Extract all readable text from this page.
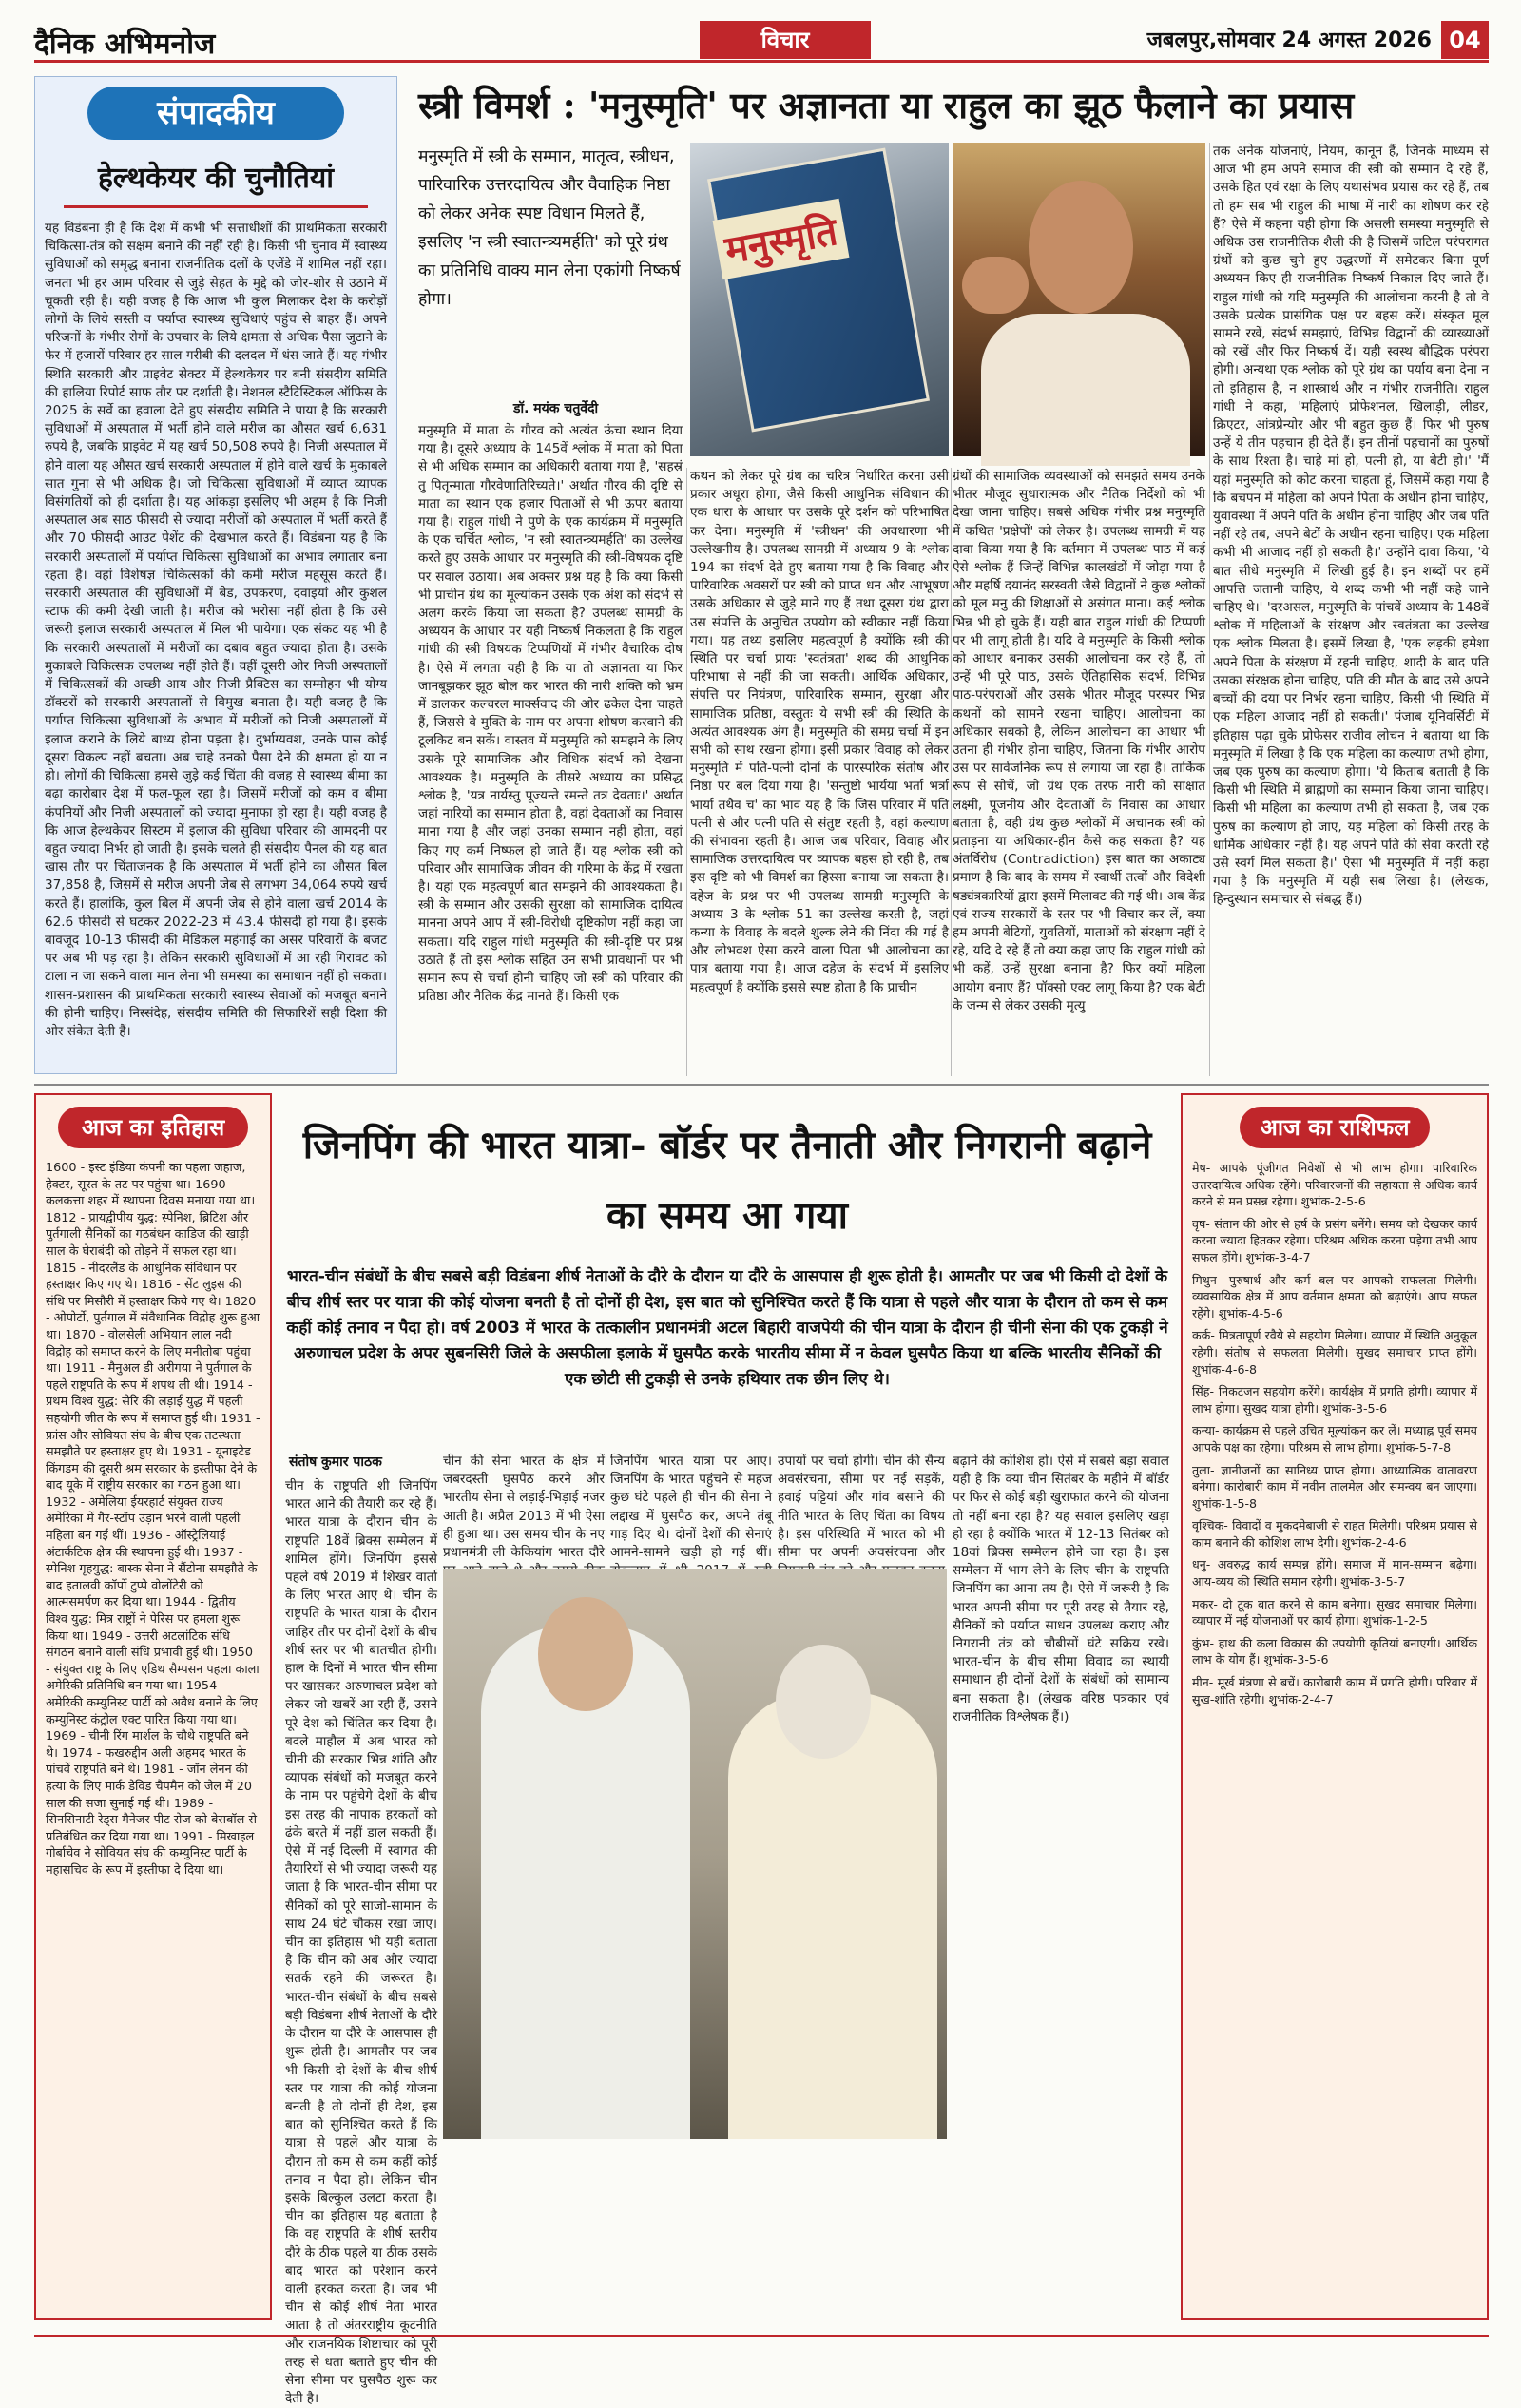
दैनिक अभिमनोज	विचार	जबलपुर,सोमवार 24 अगस्त 2026 04
संपादकीय
हेल्थकेयर की चुनौतियां
यह विडंबना ही है कि देश में कभी भी सत्ताधीशों की प्राथमिकता सरकारी चिकित्सा-तंत्र को सक्षम बनाने की नहीं रही है। किसी भी चुनाव में स्वास्थ्य सुविधाओं को समृद्ध बनाना राजनीतिक दलों के एजेंडे में शामिल नहीं रहा। जनता भी हर आम परिवार से जुड़े सेहत के मुद्दे को जोर-शोर से उठाने में चूकती रही है। यही वजह है कि आज भी कुल मिलाकर देश के करोड़ों लोगों के लिये सस्ती व पर्याप्त स्वास्थ्य सुविधाएं पहुंच से बाहर हैं। अपने परिजनों के गंभीर रोगों के उपचार के लिये क्षमता से अधिक पैसा जुटाने के फेर में हजारों परिवार हर साल गरीबी की दलदल में धंस जाते हैं। यह गंभीर स्थिति सरकारी और प्राइवेट सेक्टर में हेल्थकेयर पर बनी संसदीय समिति की हालिया रिपोर्ट साफ तौर पर दर्शाती है। नेशनल स्टैटिस्टिकल ऑफिस के 2025 के सर्वे का हवाला देते हुए संसदीय समिति ने पाया है कि सरकारी सुविधाओं में अस्पताल में भर्ती होने वाले मरीज का औसत खर्च 6,631 रुपये है, जबकि प्राइवेट में यह खर्च 50,508 रुपये है। निजी अस्पताल में होने वाला यह औसत खर्च सरकारी अस्पताल में होने वाले खर्च के मुकाबले सात गुना से भी अधिक है। जो चिकित्सा सुविधाओं में व्याप्त व्यापक विसंगतियों को ही दर्शाता है। यह आंकड़ा इसलिए भी अहम है कि निजी अस्पताल अब साठ फीसदी से ज्यादा मरीजों को अस्पताल में भर्ती करते हैं और 70 फीसदी आउट पेशेंट की देखभाल करते हैं। विडंबना यह है कि सरकारी अस्पतालों में पर्याप्त चिकित्सा सुविधाओं का अभाव लगातार बना रहता है। वहां विशेषज्ञ चिकित्सकों की कमी मरीज महसूस करते हैं। सरकारी अस्पताल की सुविधाओं में बेड, उपकरण, दवाइयां और कुशल स्टाफ की कमी देखी जाती है। मरीज को भरोसा नहीं होता है कि उसे जरूरी इलाज सरकारी अस्पताल में मिल भी पायेगा। एक संकट यह भी है कि सरकारी अस्पतालों में मरीजों का दबाव बहुत ज्यादा होता है। उसके मुकाबले चिकित्सक उपलब्ध नहीं होते हैं। वहीं दूसरी ओर निजी अस्पतालों में चिकित्सकों की अच्छी आय और निजी प्रैक्टिस का सम्मोहन भी योग्य डॉक्टरों को सरकारी अस्पतालों से विमुख बनाता है। यही वजह है कि पर्याप्त चिकित्सा सुविधाओं के अभाव में मरीजों को निजी अस्पतालों में इलाज कराने के लिये बाध्य होना पड़ता है। दुर्भाग्यवश, उनके पास कोई दूसरा विकल्प नहीं बचता। अब चाहे उनको पैसा देने की क्षमता हो या न हो। लोगों की चिकित्सा हमसे जुड़े कई चिंता की वजह से स्वास्थ्य बीमा का बढ़ा कारोबार देश में फल-फूल रहा है। जिसमें मरीजों को कम व बीमा कंपनियों और निजी अस्पतालों को ज्यादा मुनाफा हो रहा है। यही वजह है कि आज हेल्थकेयर सिस्टम में इलाज की सुविधा परिवार की आमदनी पर बहुत ज्यादा निर्भर हो जाती है। इसके चलते ही संसदीय पैनल की यह बात खास तौर पर चिंताजनक है कि अस्पताल में भर्ती होने का औसत बिल 37,858 है, जिसमें से मरीज अपनी जेब से लगभग 34,064 रुपये खर्च करते हैं। हालांकि, कुल बिल में अपनी जेब से होने वाला खर्च 2014 के 62.6 फीसदी से घटकर 2022-23 में 43.4 फीसदी हो गया है। इसके बावजूद 10-13 फीसदी की मेडिकल महंगाई का असर परिवारों के बजट पर अब भी पड़ रहा है। लेकिन सरकारी सुविधाओं में आ रही गिरावट को टाला न जा सकने वाला मान लेना भी समस्या का समाधान नहीं हो सकता। शासन-प्रशासन की प्राथमिकता सरकारी स्वास्थ्य सेवाओं को मजबूत बनाने की होनी चाहिए। निस्संदेह, संसदीय समिति की सिफारिशें सही दिशा की ओर संकेत देती हैं।
स्त्री विमर्श : 'मनुस्मृति' पर अज्ञानता या राहुल का झूठ फैलाने का प्रयास
मनुस्मृति में स्त्री के सम्मान, मातृत्व, स्त्रीधन, पारिवारिक उत्तरदायित्व और वैवाहिक निष्ठा को लेकर अनेक स्पष्ट विधान मिलते हैं, इसलिए 'न स्त्री स्वातन्त्र्यमर्हति' को पूरे ग्रंथ का प्रतिनिधि वाक्य मान लेना एकांगी निष्कर्ष होगा।
मनुस्मृति
डॉ. मयंक चतुर्वेदी
मनुस्मृति में माता के गौरव को अत्यंत ऊंचा स्थान दिया गया है। दूसरे अध्याय के 145वें श्लोक में माता को पिता से भी अधिक सम्मान का अधिकारी बताया गया है, 'सहस्रं तु पितृन्माता गौरवेणातिरिच्यते।' अर्थात गौरव की दृष्टि से माता का स्थान एक हजार पिताओं से भी ऊपर बताया गया है। राहुल गांधी ने पुणे के एक कार्यक्रम में मनुस्मृति के एक चर्चित श्लोक, 'न स्त्री स्वातन्त्र्यमर्हति' का उल्लेख करते हुए उसके आधार पर मनुस्मृति की स्त्री-विषयक दृष्टि पर सवाल उठाया। अब अक्सर प्रश्न यह है कि क्या किसी भी प्राचीन ग्रंथ का मूल्यांकन उसके एक अंश को संदर्भ से अलग करके किया जा सकता है? उपलब्ध सामग्री के अध्ययन के आधार पर यही निष्कर्ष निकलता है कि राहुल गांधी की स्त्री विषयक टिप्पणियों में गंभीर वैचारिक दोष है। ऐसे में लगता यही है कि या तो अज्ञानता या फिर जानबूझकर झूठ बोल कर भारत की नारी शक्ति को भ्रम में डालकर कल्चरल मार्क्सवाद की ओर ढकेल देना चाहते हैं, जिससे वे मुक्ति के नाम पर अपना शोषण करवाने की टूलकिट बन सकें। वास्तव में मनुस्मृति को समझने के लिए उसके पूरे सामाजिक और विधिक संदर्भ को देखना आवश्यक है। मनुस्मृति के तीसरे अध्याय का प्रसिद्ध श्लोक है, 'यत्र नार्यस्तु पूज्यन्ते रमन्ते तत्र देवताः।' अर्थात जहां नारियों का सम्मान होता है, वहां देवताओं का निवास माना गया है और जहां उनका सम्मान नहीं होता, वहां किए गए कर्म निष्फल हो जाते हैं। यह श्लोक स्त्री को परिवार और सामाजिक जीवन की गरिमा के केंद्र में रखता है। यहां एक महत्वपूर्ण बात समझने की आवश्यकता है। स्त्री के सम्मान और उसकी सुरक्षा को सामाजिक दायित्व मानना अपने आप में स्त्री-विरोधी दृष्टिकोण नहीं कहा जा सकता। यदि राहुल गांधी मनुस्मृति की स्त्री-दृष्टि पर प्रश्न उठाते हैं तो इस श्लोक सहित उन सभी प्रावधानों पर भी समान रूप से चर्चा होनी चाहिए जो स्त्री को परिवार की प्रतिष्ठा और नैतिक केंद्र मानते हैं। किसी एक
कथन को लेकर पूरे ग्रंथ का चरित्र निर्धारित करना उसी प्रकार अधूरा होगा, जैसे किसी आधुनिक संविधान की एक धारा के आधार पर उसके पूरे दर्शन को परिभाषित कर देना। मनुस्मृति में 'स्त्रीधन' की अवधारणा भी उल्लेखनीय है। उपलब्ध सामग्री में अध्याय 9 के श्लोक 194 का संदर्भ देते हुए बताया गया है कि विवाह और पारिवारिक अवसरों पर स्त्री को प्राप्त धन और आभूषण उसके अधिकार से जुड़े माने गए हैं तथा दूसरा ग्रंथ द्वारा उस संपत्ति के अनुचित उपयोग को स्वीकार नहीं किया गया। यह तथ्य इसलिए महत्वपूर्ण है क्योंकि स्त्री की स्थिति पर चर्चा प्रायः 'स्वतंत्रता' शब्द की आधुनिक परिभाषा से नहीं की जा सकती। आर्थिक अधिकार, संपत्ति पर नियंत्रण, पारिवारिक सम्मान, सुरक्षा और सामाजिक प्रतिष्ठा, वस्तुतः ये सभी स्त्री की स्थिति के अत्यंत आवश्यक अंग हैं। मनुस्मृति की समग्र चर्चा में इन सभी को साथ रखना होगा। इसी प्रकार विवाह को लेकर मनुस्मृति में पति-पत्नी दोनों के पारस्परिक संतोष और निष्ठा पर बल दिया गया है। 'सन्तुष्टो भार्यया भर्ता भर्त्रा भार्या तथैव च' का भाव यह है कि जिस परिवार में पति पत्नी से और पत्नी पति से संतुष्ट रहती है, वहां कल्याण की संभावना रहती है। आज जब परिवार, विवाह और सामाजिक उत्तरदायित्व पर व्यापक बहस हो रही है, तब इस दृष्टि को भी विमर्श का हिस्सा बनाया जा सकता है। दहेज के प्रश्न पर भी उपलब्ध सामग्री मनुस्मृति के अध्याय 3 के श्लोक 51 का उल्लेख करती है, जहां कन्या के विवाह के बदले शुल्क लेने की निंदा की गई है और लोभवश ऐसा करने वाला पिता भी आलोचना का पात्र बताया गया है। आज दहेज के संदर्भ में इसलिए महत्वपूर्ण है क्योंकि इससे स्पष्ट होता है कि प्राचीन
ग्रंथों की सामाजिक व्यवस्थाओं को समझते समय उनके भीतर मौजूद सुधारात्मक और नैतिक निर्देशों को भी देखा जाना चाहिए। सबसे अधिक गंभीर प्रश्न मनुस्मृति में कथित 'प्रक्षेपों' को लेकर है। उपलब्ध सामग्री में यह दावा किया गया है कि वर्तमान में उपलब्ध पाठ में कई ऐसे श्लोक हैं जिन्हें विभिन्न कालखंडों में जोड़ा गया है और महर्षि दयानंद सरस्वती जैसे विद्वानों ने कुछ श्लोकों को मूल मनु की शिक्षाओं से असंगत माना। कई श्लोक भिन्न भी हो चुके हैं। यही बात राहुल गांधी की टिप्पणी पर भी लागू होती है। यदि वे मनुस्मृति के किसी श्लोक को आधार बनाकर उसकी आलोचना कर रहे हैं, तो उन्हें भी पूरे पाठ, उसके ऐतिहासिक संदर्भ, विभिन्न पाठ-परंपराओं और उसके भीतर मौजूद परस्पर भिन्न कथनों को सामने रखना चाहिए। आलोचना का अधिकार सबको है, लेकिन आलोचना का आधार भी उतना ही गंभीर होना चाहिए, जितना कि गंभीर आरोप उस पर सार्वजनिक रूप से लगाया जा रहा है। तार्किक रूप से सोचें, जो ग्रंथ एक तरफ नारी को साक्षात लक्ष्मी, पूजनीय और देवताओं के निवास का आधार बताता है, वही ग्रंथ कुछ श्लोकों में अचानक स्त्री को प्रताड़ना या अधिकार-हीन कैसे कह सकता है? यह अंतर्विरोध (Contradiction) इस बात का अकाट्य प्रमाण है कि बाद के समय में स्वार्थी तत्वों और विदेशी षड्यंत्रकारियों द्वारा इसमें मिलावट की गई थी। अब केंद्र एवं राज्य सरकारों के स्तर पर भी विचार कर लें, क्या हम अपनी बेटियों, युवतियों, माताओं को संरक्षण नहीं दे रहे, यदि दे रहे हैं तो क्या कहा जाए कि राहुल गांधी को भी कहें, उन्हें सुरक्षा बनाना है? फिर क्यों महिला आयोग बनाए हैं? पॉक्सो एक्ट लागू किया है? एक बेटी के जन्म से लेकर उसकी मृत्यु
तक अनेक योजनाएं, नियम, कानून हैं, जिनके माध्यम से आज भी हम अपने समाज की स्त्री को सम्मान दे रहे हैं, उसके हित एवं रक्षा के लिए यथासंभव प्रयास कर रहे हैं, तब तो हम सब भी राहुल की भाषा में नारी का शोषण कर रहे हैं? ऐसे में कहना यही होगा कि असली समस्या मनुस्मृति से अधिक उस राजनीतिक शैली की है जिसमें जटिल परंपरागत ग्रंथों को कुछ चुने हुए उद्धरणों में समेटकर बिना पूर्ण अध्ययन किए ही राजनीतिक निष्कर्ष निकाल दिए जाते हैं। राहुल गांधी को यदि मनुस्मृति की आलोचना करनी है तो वे उसके प्रत्येक प्रासंगिक पक्ष पर बहस करें। संस्कृत मूल सामने रखें, संदर्भ समझाएं, विभिन्न विद्वानों की व्याख्याओं को रखें और फिर निष्कर्ष दें। यही स्वस्थ बौद्धिक परंपरा होगी। अन्यथा एक श्लोक को पूरे ग्रंथ का पर्याय बना देना न तो इतिहास है, न शास्त्रार्थ और न गंभीर राजनीति। राहुल गांधी ने कहा, 'महिलाएं प्रोफेशनल, खिलाड़ी, लीडर, क्रिएटर, आंत्रप्रेन्योर और भी बहुत कुछ हैं। फिर भी पुरुष उन्हें ये तीन पहचान ही देते हैं। इन तीनों पहचानों का पुरुषों के साथ रिश्ता है। चाहे मां हो, पत्नी हो, या बेटी हो।' 'मैं यहां मनुस्मृति को कोट करना चाहता हूं, जिसमें कहा गया है कि बचपन में महिला को अपने पिता के अधीन होना चाहिए, युवावस्था में अपने पति के अधीन होना चाहिए और जब पति नहीं रहे तब, अपने बेटों के अधीन रहना चाहिए। एक महिला कभी भी आजाद नहीं हो सकती है।' उन्होंने दावा किया, 'ये बात सीधे मनुस्मृति में लिखी हुई है। इन शब्दों पर हमें आपत्ति जतानी चाहिए, ये शब्द कभी भी नहीं कहे जाने चाहिए थे।' 'दरअसल, मनुस्मृति के पांचवें अध्याय के 148वें श्लोक में महिलाओं के संरक्षण और स्वतंत्रता का उल्लेख एक श्लोक मिलता है। इसमें लिखा है, 'एक लड़की हमेशा अपने पिता के संरक्षण में रहनी चाहिए, शादी के बाद पति उसका संरक्षक होना चाहिए, पति की मौत के बाद उसे अपने बच्चों की दया पर निर्भर रहना चाहिए, किसी भी स्थिति में एक महिला आजाद नहीं हो सकती।' पंजाब यूनिवर्सिटी में इतिहास पढ़ा चुके प्रोफेसर राजीव लोचन ने बताया था कि मनुस्मृति में लिखा है कि एक महिला का कल्याण तभी होगा, जब एक पुरुष का कल्याण होगा। 'ये किताब बताती है कि किसी भी स्थिति में ब्राह्मणों का सम्मान किया जाना चाहिए। किसी भी महिला का कल्याण तभी हो सकता है, जब एक पुरुष का कल्याण हो जाए, यह महिला को किसी तरह के धार्मिक अधिकार नहीं है। यह अपने पति की सेवा करती रहे उसे स्वर्ग मिल सकता है।' ऐसा भी मनुस्मृति में नहीं कहा गया है कि मनुस्मृति में यही सब लिखा है। (लेखक, हिन्दुस्थान समाचार से संबद्ध हैं।)
आज का इतिहास
1600 - इस्ट इंडिया कंपनी का पहला जहाज, हेक्टर, सूरत के तट पर पहुंचा था। 1690 - कलकत्ता शहर में स्थापना दिवस मनाया गया था। 1812 - प्रायद्वीपीय युद्ध: स्पेनिश, ब्रिटिश और पुर्तगाली सैनिकों का गठबंधन काडिज की खाड़ी साल के घेराबंदी को तोड़ने में सफल रहा था। 1815 - नीदरलैंड के आधुनिक संविधान पर हस्ताक्षर किए गए थे। 1816 - सेंट लुइस की संधि पर मिसौरी में हस्ताक्षर किये गए थे। 1820 - ओपोर्टो, पुर्तगाल में संवैधानिक विद्रोह शुरू हुआ था। 1870 - वोलसेली अभियान लाल नदी विद्रोह को समाप्त करने के लिए मनीतोबा पहुंचा था। 1911 - मैनुअल डी अरीगया ने पुर्तगाल के पहले राष्ट्रपति के रूप में शपथ ली थी। 1914 - प्रथम विश्व युद्ध: सेरि की लड़ाई युद्ध में पहली सहयोगी जीत के रूप में समाप्त हुई थी। 1931 - फ्रांस और सोवियत संघ के बीच एक तटस्थता समझौते पर हस्ताक्षर हुए थे। 1931 - यूनाइटेड किंगडम की दूसरी श्रम सरकार के इस्तीफा देने के बाद यूके में राष्ट्रीय सरकार का गठन हुआ था। 1932 - अमेलिया ईयरहार्ट संयुक्त राज्य अमेरिका में गैर-स्टॉप उड़ान भरने वाली पहली महिला बन गईं थीं। 1936 - ऑस्ट्रेलियाई अंटार्कटिक क्षेत्र की स्थापना हुई थी। 1937 - स्पेनिश गृहयुद्ध: बास्क सेना ने सैंटोना समझौते के बाद इतालवी कॉर्पो टुप्पे वोलोंटेरी को आत्मसमर्पण कर दिया था। 1944 - द्वितीय विश्व युद्ध: मित्र राष्ट्रों ने पेरिस पर हमला शुरू किया था। 1949 - उत्तरी अटलांटिक संधि संगठन बनाने वाली संधि प्रभावी हुई थी। 1950 - संयुक्त राष्ट्र के लिए एडिथ सैम्पसन पहला काला अमेरिकी प्रतिनिधि बन गया था। 1954 - अमेरिकी कम्युनिस्ट पार्टी को अवैध बनाने के लिए कम्युनिस्ट कंट्रोल एक्ट पारित किया गया था। 1969 - चीनी रिंग मार्शल के चौथे राष्ट्रपति बने थे। 1974 - फखरुद्दीन अली अहमद भारत के पांचवें राष्ट्रपति बने थे। 1981 - जॉन लेनन की हत्या के लिए मार्क डेविड चैपमैन को जेल में 20 साल की सजा सुनाई गई थी। 1989 - सिनसिनाटी रेड्स मैनेजर पीट रोज को बेसबॉल से प्रतिबंधित कर दिया गया था। 1991 - मिखाइल गोर्बाचेव ने सोवियत संघ की कम्युनिस्ट पार्टी के महासचिव के रूप में इस्तीफा दे दिया था।
जिनपिंग की भारत यात्रा- बॉर्डर पर तैनाती और निगरानी बढ़ाने का समय आ गया
भारत-चीन संबंधों के बीच सबसे बड़ी विडंबना शीर्ष नेताओं के दौरे के दौरान या दौरे के आसपास ही शुरू होती है। आमतौर पर जब भी किसी दो देशों के बीच शीर्ष स्तर पर यात्रा की कोई योजना बनती है तो दोनों ही देश, इस बात को सुनिश्चित करते हैं कि यात्रा से पहले और यात्रा के दौरान तो कम से कम कहीं कोई तनाव न पैदा हो। वर्ष 2003 में भारत के तत्कालीन प्रधानमंत्री अटल बिहारी वाजपेयी की चीन यात्रा के दौरान ही चीनी सेना की एक टुकड़ी ने अरुणाचल प्रदेश के अपर सुबनसिरी जिले के असफीला इलाके में घुसपैठ करके भारतीय सीमा में न केवल घुसपैठ किया था बल्कि भारतीय सैनिकों की एक छोटी सी टुकड़ी से उनके हथियार तक छीन लिए थे।
संतोष कुमार पाठक
चीन के राष्ट्रपति शी जिनपिंग भारत आने की तैयारी कर रहे हैं। भारत यात्रा के दौरान चीन के राष्ट्रपति 18वें ब्रिक्स सम्मेलन में शामिल होंगे। जिनपिंग इससे पहले वर्ष 2019 में शिखर वार्ता के लिए भारत आए थे। चीन के राष्ट्रपति के भारत यात्रा के दौरान जाहिर तौर पर दोनों देशों के बीच शीर्ष स्तर पर भी बातचीत होगी। हाल के दिनों में भारत चीन सीमा पर खासकर अरुणाचल प्रदेश को लेकर जो खबरें आ रही हैं, उसने पूरे देश को चिंतित कर दिया है। बदले माहौल में अब भारत को चीनी की सरकार भिन्न शांति और व्यापक संबंधों को मजबूत करने के नाम पर पहुंचेगे देशों के बीच इस तरह की नापाक हरकतों को ढंके बरते में नहीं डाल सकती हैं। ऐसे में नई दिल्ली में स्वागत की तैयारियों से भी ज्यादा जरूरी यह जाता है कि भारत-चीन सीमा पर सैनिकों को पूरे साजो-सामान के साथ 24 घंटे चौकस रखा जाए। चीन का इतिहास भी यही बताता है कि चीन को अब और ज्यादा सतर्क रहने की जरूरत है। भारत-चीन संबंधों के बीच सबसे बड़ी विडंबना शीर्ष नेताओं के दौरे के दौरान या दौरे के आसपास ही शुरू होती है। आमतौर पर जब भी किसी दो देशों के बीच शीर्ष स्तर पर यात्रा की कोई योजना बनती है तो दोनों ही देश, इस बात को सुनिश्चित करते हैं कि यात्रा से पहले और यात्रा के दौरान तो कम से कम कहीं कोई तनाव न पैदा हो। लेकिन चीन इसके बिल्कुल उलटा करता है। चीन का इतिहास यह बताता है कि वह राष्ट्रपति के शीर्ष स्तरीय दौरे के ठीक पहले या ठीक उसके बाद भारत को परेशान करने वाली हरकत करता है। जब भी चीन से कोई शीर्ष नेता भारत आता है तो अंतरराष्ट्रीय कूटनीति और राजनयिक शिष्टाचार को पूरी तरह से धता बताते हुए चीन की सेना सीमा पर घुसपैठ शुरू कर देती है।
चीन की सेना भारत के क्षेत्र में जबरदस्ती घुसपैठ करने और भारतीय सेना से लड़ाई-भिड़ाई नजर आती है। अप्रैल 2013 में भी ऐसा ही हुआ था। उस समय चीन के नए प्रधानमंत्री ली केकियांग भारत दौरे
जिनपिंग भारत यात्रा पर आए। जिनपिंग के भारत पहुंचने से महज कुछ घंटे पहले ही चीन की सेना ने लद्दाख में घुसपैठ कर, अपने तंबू गाड़ दिए थे। दोनों देशों की सेनाएं आमने-सामने खड़ी हो गई थीं।
उपायों पर चर्चा होगी। चीन की सैन्य अवसंरचना, सीमा पर नई सड़कें, हवाई पट्टियां और गांव बसाने की नीति भारत के लिए चिंता का विषय है। इस परिस्थिति में भारत को भी सीमा पर अपनी अवसंरचना और
बढ़ाने की कोशिश हो। ऐसे में सबसे बड़ा सवाल यही है कि क्या चीन सितंबर के महीने में बॉर्डर पर फिर से कोई बड़ी खुराफात करने की योजना तो नहीं बना रहा है? यह सवाल इसलिए खड़ा हो रहा है क्योंकि भारत में 12-13 सितंबर को 18वां ब्रिक्स सम्मेलन होने जा रहा है। इस सम्मेलन में भाग लेने के लिए चीन के राष्ट्रपति जिनपिंग का आना तय है। ऐसे में जरूरी है कि भारत अपनी सीमा पर पूरी तरह से तैयार रहे, सैनिकों को पर्याप्त साधन उपलब्ध कराए और निगरानी तंत्र को चौबीसों घंटे सक्रिय रखे। भारत-चीन के बीच सीमा विवाद का स्थायी समाधान ही दोनों देशों के संबंधों को सामान्य बना सकता है। (लेखक वरिष्ठ पत्रकार एवं राजनीतिक विश्लेषक हैं।)
आज का राशिफल
मेष- आपके पूंजीगत निवेशों से भी लाभ होगा। पारिवारिक उत्तरदायित्व अधिक रहेंगे। परिवारजनों की सहायता से अधिक कार्य करने से मन प्रसन्न रहेगा। शुभांक-2-5-6
वृष- संतान की ओर से हर्ष के प्रसंग बनेंगे। समय को देखकर कार्य करना ज्यादा हितकर रहेगा। परिश्रम अधिक करना पड़ेगा तभी आप सफल होंगे। शुभांक-3-4-7
मिथुन- पुरुषार्थ और कर्म बल पर आपको सफलता मिलेगी। व्यवसायिक क्षेत्र में आप वर्तमान क्षमता को बढ़ाएंगे। आप सफल रहेंगे। शुभांक-4-5-6
कर्क- मित्रतापूर्ण रवैये से सहयोग मिलेगा। व्यापार में स्थिति अनुकूल रहेगी। संतोष से सफलता मिलेगी। सुखद समाचार प्राप्त होंगे। शुभांक-4-6-8
सिंह- निकटजन सहयोग करेंगे। कार्यक्षेत्र में प्रगति होगी। व्यापार में लाभ होगा। सुखद यात्रा होगी। शुभांक-3-5-6
कन्या- कार्यक्रम से पहले उचित मूल्यांकन कर लें। मध्याह्न पूर्व समय आपके पक्ष का रहेगा। परिश्रम से लाभ होगा। शुभांक-5-7-8
तुला- ज्ञानीजनों का सानिध्य प्राप्त होगा। आध्यात्मिक वातावरण बनेगा। कारोबारी काम में नवीन तालमेल और समन्वय बन जाएगा। शुभांक-1-5-8
वृश्चिक- विवादों व मुकदमेबाजी से राहत मिलेगी। परिश्रम प्रयास से काम बनाने की कोशिश लाभ देगी। शुभांक-2-4-6
धनु- अवरुद्ध कार्य सम्पन्न होंगे। समाज में मान-सम्मान बढ़ेगा। आय-व्यय की स्थिति समान रहेगी। शुभांक-3-5-7
मकर- दो टूक बात करने से काम बनेगा। सुखद समाचार मिलेगा। व्यापार में नई योजनाओं पर कार्य होगा। शुभांक-1-2-5
कुंभ- हाथ की कला विकास की उपयोगी कृतियां बनाएगी। आर्थिक लाभ के योग हैं। शुभांक-3-5-6
मीन- मूर्ख मंत्रणा से बचें। कारोबारी काम में प्रगति होगी। परिवार में सुख-शांति रहेगी। शुभांक-2-4-7
